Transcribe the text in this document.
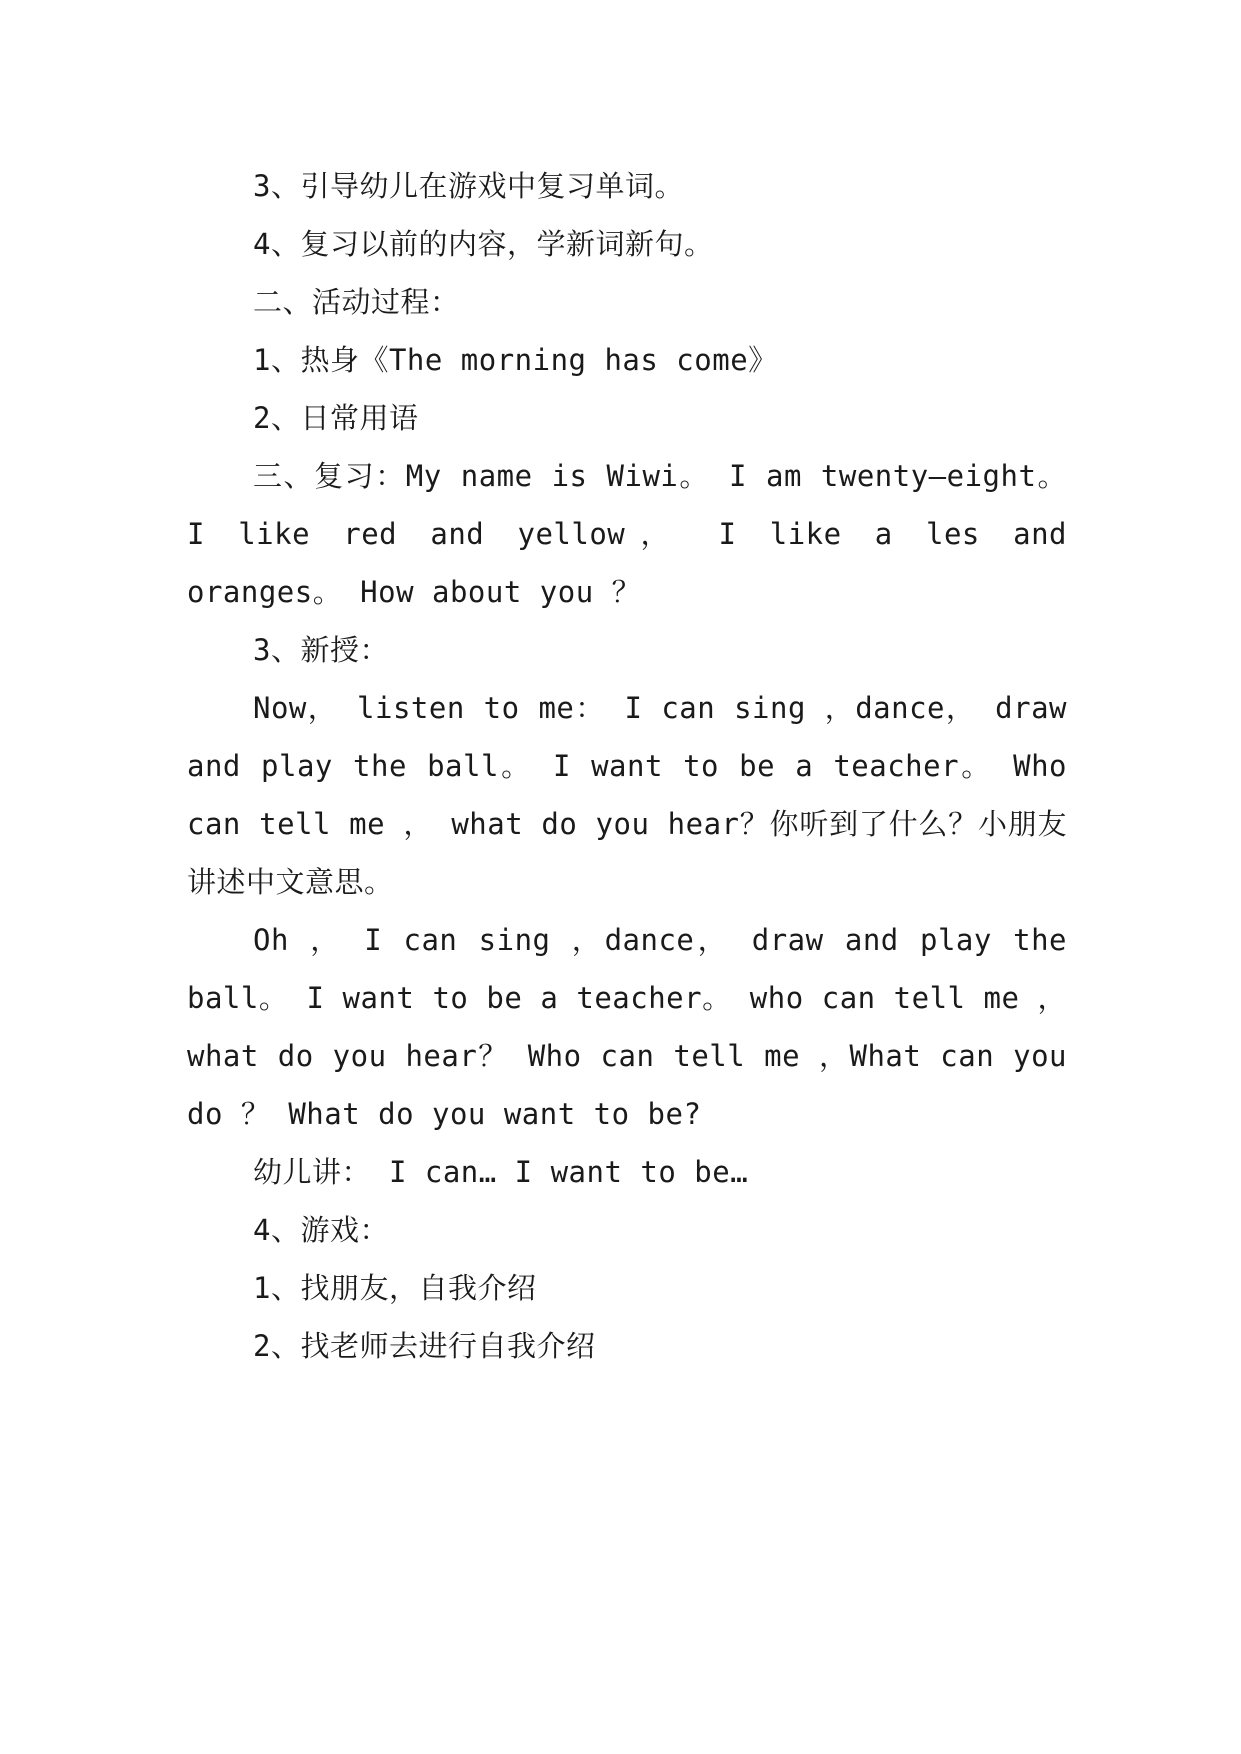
3、引导幼儿在游戏中复习单词。

4、复习以前的内容，学新词新句。

二、活动过程：

1、热身《The morning has come》

2、日常用语

三、复习：My name is Wiwi。 I am twenty—eight。 I like red and yellow， I like a les and oranges。 How about you ？

3、新授：

Now， listen to me： I can sing ，dance， draw and play the ball。 I want to be a teacher。 Who can tell me ， what do you hear？你听到了什么？小朋友讲述中文意思。

Oh ， I can sing ，dance， draw and play the ball。 I want to be a teacher。 who can tell me ， what do you hear？ Who can tell me ，What can you do ？ What do you want to be?

幼儿讲： I can… I want to be…

4、游戏：

1、找朋友，自我介绍

2、找老师去进行自我介绍
